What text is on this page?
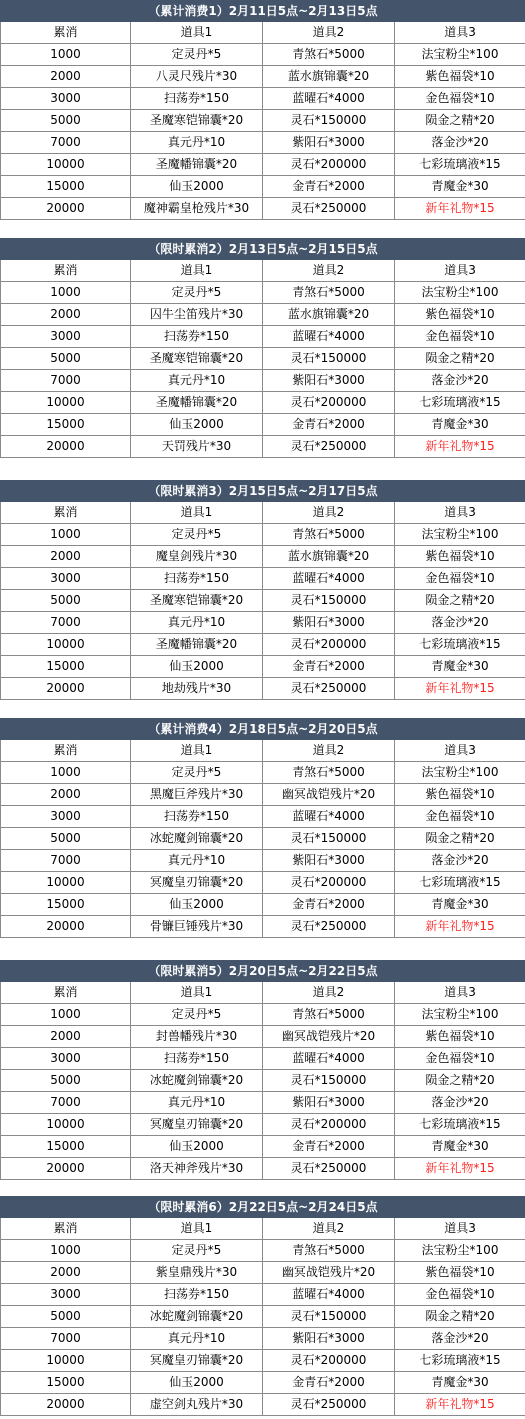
（累计消费1）2月11日5点~2月13日5点			
累消	道具1	道具2	道具3
1000	定灵丹*5	青煞石*5000	法宝粉尘*100
2000	八灵尺残片*30	蓝水旗锦囊*20	紫色福袋*10
3000	扫荡券*150	蓝曜石*4000	金色福袋*10
5000	圣魔寒铠锦囊*20	灵石*150000	陨金之精*20
7000	真元丹*10	紫阳石*3000	落金沙*20
10000	圣魔幡锦囊*20	灵石*200000	七彩琉璃液*15
15000	仙玉2000	金青石*2000	青魔金*30
20000	魔神霸皇枪残片*30	灵石*250000	新年礼物*15
（限时累消2）2月13日5点~2月15日5点			
累消	道具1	道具2	道具3
1000	定灵丹*5	青煞石*5000	法宝粉尘*100
2000	囚牛尘笛残片*30	蓝水旗锦囊*20	紫色福袋*10
3000	扫荡券*150	蓝曜石*4000	金色福袋*10
5000	圣魔寒铠锦囊*20	灵石*150000	陨金之精*20
7000	真元丹*10	紫阳石*3000	落金沙*20
10000	圣魔幡锦囊*20	灵石*200000	七彩琉璃液*15
15000	仙玉2000	金青石*2000	青魔金*30
20000	天罚残片*30	灵石*250000	新年礼物*15
（限时累消3）2月15日5点~2月17日5点			
累消	道具1	道具2	道具3
1000	定灵丹*5	青煞石*5000	法宝粉尘*100
2000	魔皇剑残片*30	蓝水旗锦囊*20	紫色福袋*10
3000	扫荡券*150	蓝曜石*4000	金色福袋*10
5000	圣魔寒铠锦囊*20	灵石*150000	陨金之精*20
7000	真元丹*10	紫阳石*3000	落金沙*20
10000	圣魔幡锦囊*20	灵石*200000	七彩琉璃液*15
15000	仙玉2000	金青石*2000	青魔金*30
20000	地劫残片*30	灵石*250000	新年礼物*15
（累计消费4）2月18日5点~2月20日5点			
累消	道具1	道具2	道具3
1000	定灵丹*5	青煞石*5000	法宝粉尘*100
2000	黑魔巨斧残片*30	幽冥战铠残片*20	紫色福袋*10
3000	扫荡券*150	蓝曜石*4000	金色福袋*10
5000	冰蛇魔剑锦囊*20	灵石*150000	陨金之精*20
7000	真元丹*10	紫阳石*3000	落金沙*20
10000	冥魔皇刃锦囊*20	灵石*200000	七彩琉璃液*15
15000	仙玉2000	金青石*2000	青魔金*30
20000	骨镰巨锤残片*30	灵石*250000	新年礼物*15
（限时累消5）2月20日5点~2月22日5点			
累消	道具1	道具2	道具3
1000	定灵丹*5	青煞石*5000	法宝粉尘*100
2000	封兽幡残片*30	幽冥战铠残片*20	紫色福袋*10
3000	扫荡券*150	蓝曜石*4000	金色福袋*10
5000	冰蛇魔剑锦囊*20	灵石*150000	陨金之精*20
7000	真元丹*10	紫阳石*3000	落金沙*20
10000	冥魔皇刃锦囊*20	灵石*200000	七彩琉璃液*15
15000	仙玉2000	金青石*2000	青魔金*30
20000	洛天神斧残片*30	灵石*250000	新年礼物*15
（限时累消6）2月22日5点~2月24日5点			
累消	道具1	道具2	道具3
1000	定灵丹*5	青煞石*5000	法宝粉尘*100
2000	紫皇鼎残片*30	幽冥战铠残片*20	紫色福袋*10
3000	扫荡券*150	蓝曜石*4000	金色福袋*10
5000	冰蛇魔剑锦囊*20	灵石*150000	陨金之精*20
7000	真元丹*10	紫阳石*3000	落金沙*20
10000	冥魔皇刃锦囊*20	灵石*200000	七彩琉璃液*15
15000	仙玉2000	金青石*2000	青魔金*30
20000	虚空剑丸残片*30	灵石*250000	新年礼物*15
